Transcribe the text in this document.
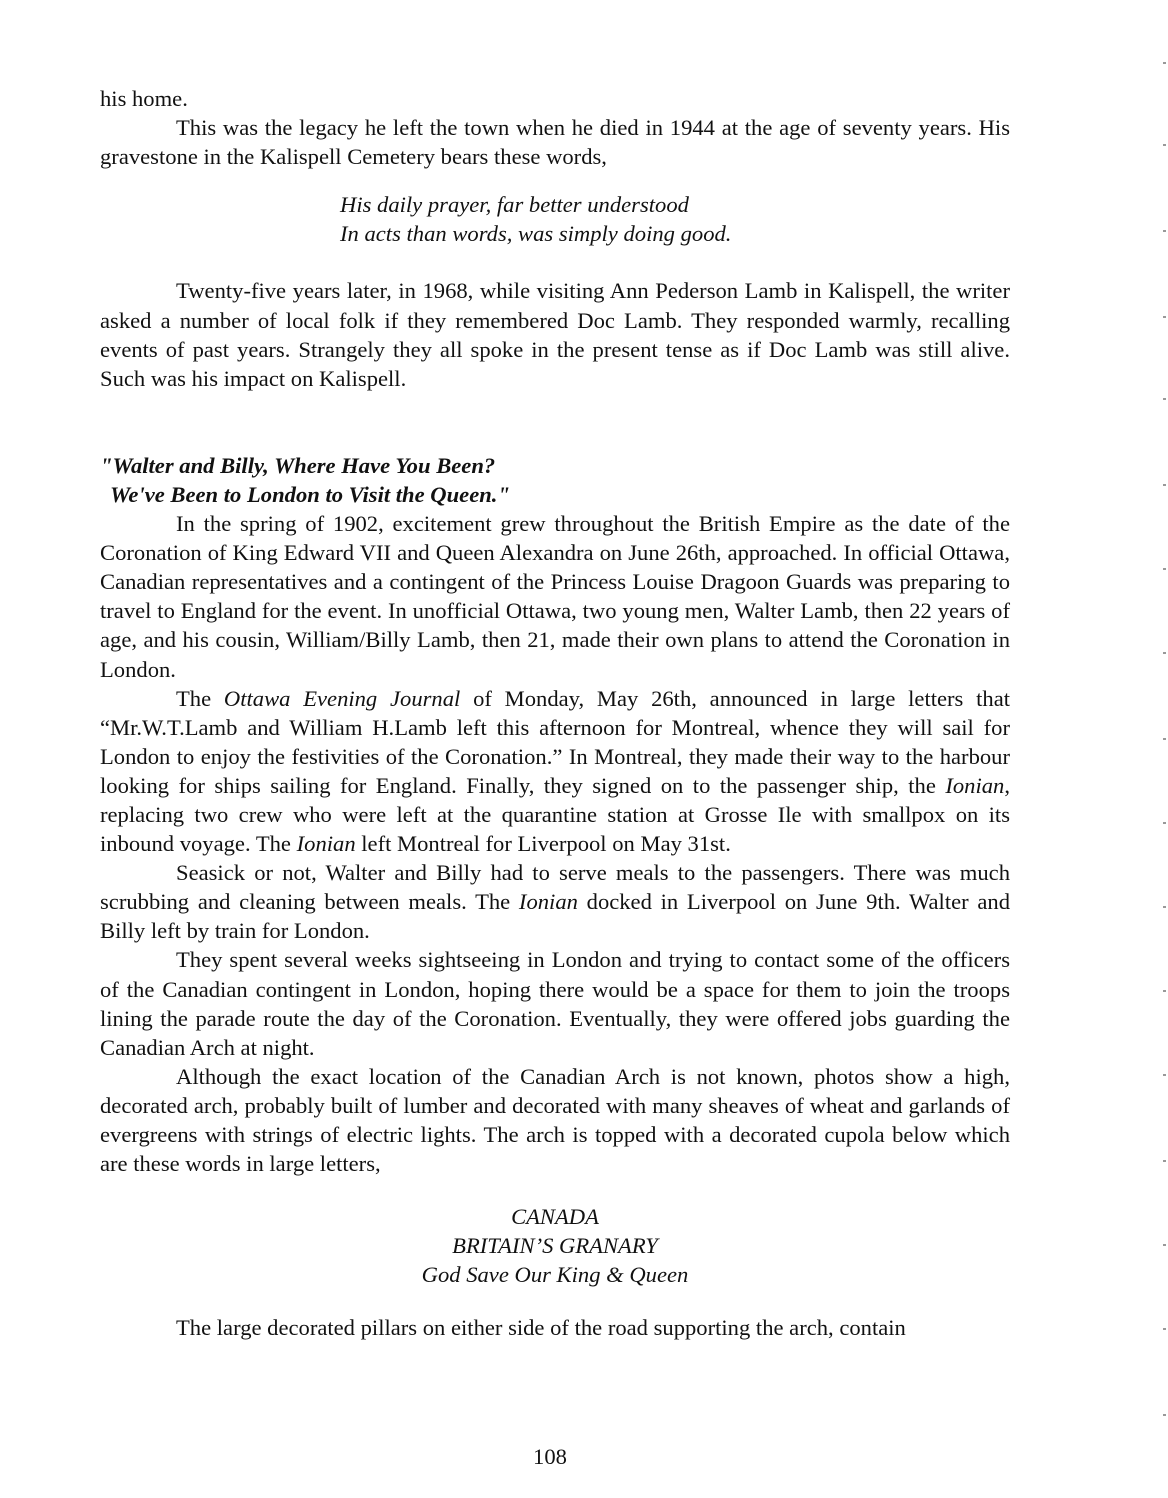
his home.

This was the legacy he left the town when he died in 1944 at the age of seventy years. His gravestone in the Kalispell Cemetery bears these words,

His daily prayer, far better understood
In acts than words, was simply doing good.

Twenty-five years later, in 1968, while visiting Ann Pederson Lamb in Kalispell, the writer asked a number of local folk if they remembered Doc Lamb. They responded warmly, recalling events of past years. Strangely they all spoke in the present tense as if Doc Lamb was still alive. Such was his impact on Kalispell.

"Walter and Billy, Where Have You Been?
We've Been to London to Visit the Queen."

In the spring of 1902, excitement grew throughout the British Empire as the date of the Coronation of King Edward VII and Queen Alexandra on June 26th, approached. In official Ottawa, Canadian representatives and a contingent of the Princess Louise Dragoon Guards was preparing to travel to England for the event. In unofficial Ottawa, two young men, Walter Lamb, then 22 years of age, and his cousin, William/Billy Lamb, then 21, made their own plans to attend the Coronation in London.

The Ottawa Evening Journal of Monday, May 26th, announced in large letters that “Mr.W.T.Lamb and William H.Lamb left this afternoon for Montreal, whence they will sail for London to enjoy the festivities of the Coronation.” In Montreal, they made their way to the harbour looking for ships sailing for England. Finally, they signed on to the passenger ship, the Ionian, replacing two crew who were left at the quarantine station at Grosse Ile with smallpox on its inbound voyage. The Ionian left Montreal for Liverpool on May 31st.

Seasick or not, Walter and Billy had to serve meals to the passengers. There was much scrubbing and cleaning between meals. The Ionian docked in Liverpool on June 9th. Walter and Billy left by train for London.

They spent several weeks sightseeing in London and trying to contact some of the officers of the Canadian contingent in London, hoping there would be a space for them to join the troops lining the parade route the day of the Coronation. Eventually, they were offered jobs guarding the Canadian Arch at night.

Although the exact location of the Canadian Arch is not known, photos show a high, decorated arch, probably built of lumber and decorated with many sheaves of wheat and garlands of evergreens with strings of electric lights. The arch is topped with a decorated cupola below which are these words in large letters,

CANADA
BRITAIN’S GRANARY
God Save Our King & Queen

The large decorated pillars on either side of the road supporting the arch, contain

108
